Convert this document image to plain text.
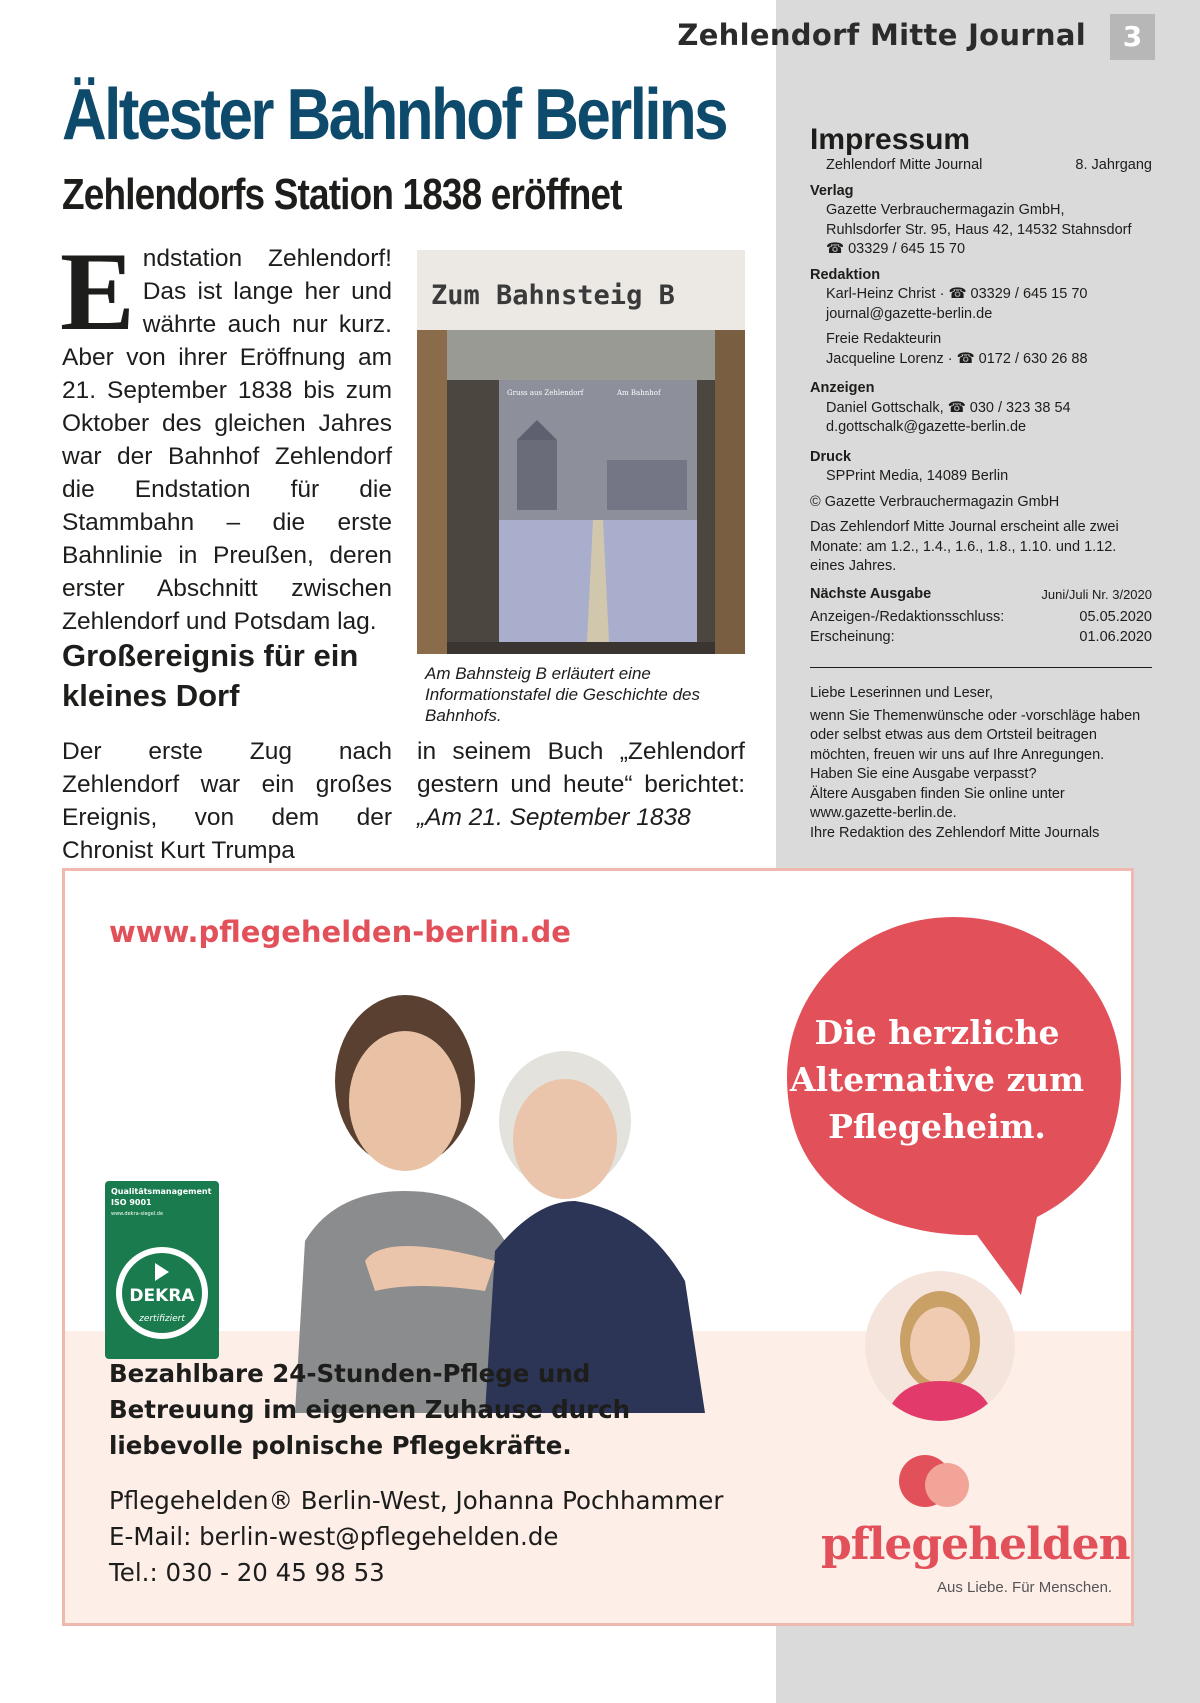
Zehlendorf Mitte Journal	3
Ältester Bahnhof Berlins
Zehlendorfs Station 1838 eröffnet

Endstation Zehlendorf! Das ist lange her und währte auch nur kurz. Aber von ihrer Eröffnung am 21. September 1838 bis zum Oktober des gleichen Jahres war der Bahnhof Zehlendorf die Endstation für die Stammbahn – die erste Bahnlinie in Preußen, deren erster Abschnitt zwischen Zehlendorf und Potsdam lag.

Zum Bahnsteig B
Gruss aus Zehlendorf	Am Bahnhof

Am Bahnsteig B erläutert eine Informationstafel die Geschichte des Bahnhofs.

Großereignis für ein kleines Dorf

Der erste Zug nach Zehlendorf war ein großes Ereignis, von dem der Chronist Kurt Trumpa

in seinem Buch „Zehlendorf gestern und heute“ berichtet: „Am 21. September 1838

Impressum
Zehlendorf Mitte Journal	8. Jahrgang
Verlag
Gazette Verbrauchermagazin GmbH,
Ruhlsdorfer Str. 95, Haus 42, 14532 Stahnsdorf
☎ 03329 / 645 15 70
Redaktion
Karl-Heinz Christ · ☎ 03329 / 645 15 70
journal@gazette-berlin.de
Freie Redakteurin
Jacqueline Lorenz · ☎ 0172 / 630 26 88
Anzeigen
Daniel Gottschalk, ☎ 030 / 323 38 54
d.gottschalk@gazette-berlin.de
Druck
SPPrint Media, 14089 Berlin
© Gazette Verbrauchermagazin GmbH
Das Zehlendorf Mitte Journal erscheint alle zwei Monate: am 1.2., 1.4., 1.6., 1.8., 1.10. und 1.12. eines Jahres.
Nächste Ausgabe	Juni/Juli Nr. 3/2020
Anzeigen-/Redaktionsschluss:	05.05.2020
Erscheinung:	01.06.2020
Liebe Leserinnen und Leser,
wenn Sie Themenwünsche oder -vorschläge haben oder selbst etwas aus dem Ortsteil beitragen möchten, freuen wir uns auf Ihre Anregungen.
Haben Sie eine Ausgabe verpasst?
Ältere Ausgaben finden Sie online unter www.gazette-berlin.de.
Ihre Redaktion des Zehlendorf Mitte Journals
www.pflegehelden-berlin.de
Die herzliche
Alternative zum
Pflegeheim.
Qualitätsmanagement
ISO 9001
www.dekra-siegel.de
DEKRA
zertifiziert

Bezahlbare 24-Stunden-Pflege und Betreuung im eigenen Zuhause durch liebevolle polnische Pflegekräfte.

Pflegehelden® Berlin-West, Johanna Pochhammer
E-Mail: berlin-west@pflegehelden.de
Tel.: 030 - 20 45 98 53
pflegehelden
Aus Liebe. Für Menschen.
